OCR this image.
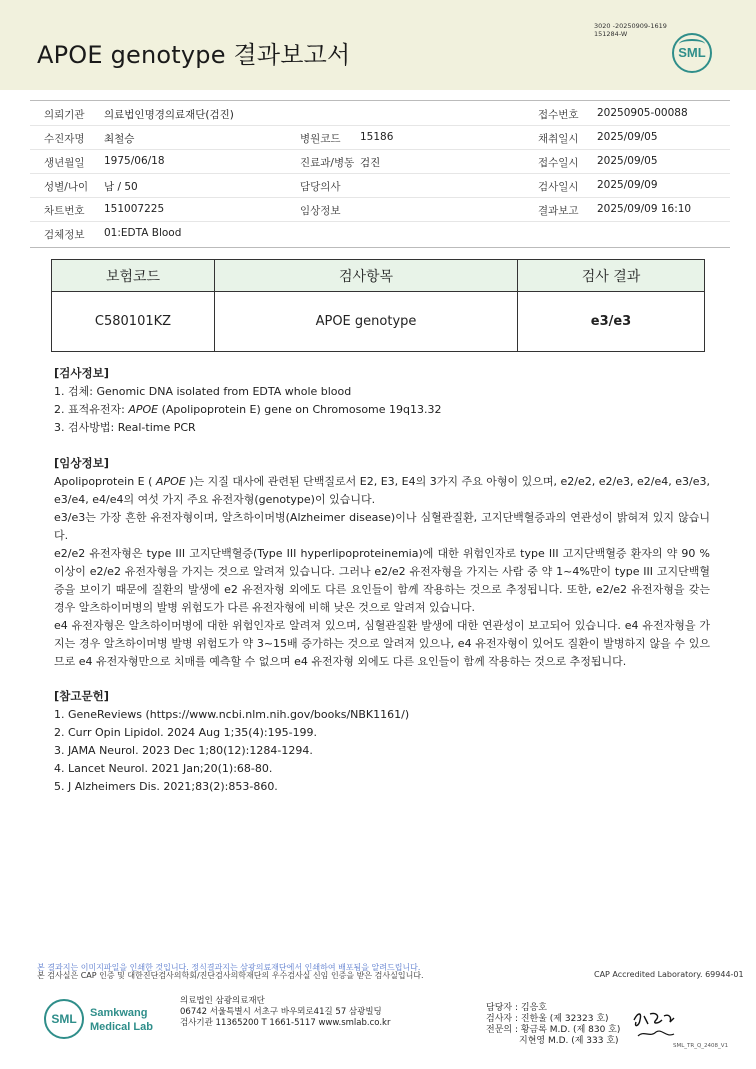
APOE genotype 결과보고서
3020 -20250909-1619
151284-W
SML
의뢰기관 의료법인명경의료재단(검진)	접수번호 20250905-00088
수진자명 최철승	병원코드 15186	채취일시 2025/09/05
생년월일 1975/06/18	진료과/병동 검진	접수일시 2025/09/05
성별/나이 남 / 50	담당의사	검사일시 2025/09/09
차트번호 151007225	임상정보	결과보고 2025/09/09 16:10
검체정보 01:EDTA Blood
보험코드	검사항목	검사 결과
C580101KZ	APOE genotype	e3/e3
[검사정보]

1. 검체: Genomic DNA isolated from EDTA whole blood

2. 표적유전자: APOE (Apolipoprotein E) gene on Chromosome 19q13.32

3. 검사방법: Real-time PCR

[임상정보]

Apolipoprotein E ( APOE )는 지질 대사에 관련된 단백질로서 E2, E3, E4의 3가지 주요 아형이 있으며, e2/e2, e2/e3, e2/e4, e3/e3, e3/e4, e4/e4의 여섯 가지 주요 유전자형(genotype)이 있습니다.

e3/e3는 가장 흔한 유전자형이며, 알츠하이머병(Alzheimer disease)이나 심혈관질환, 고지단백혈증과의 연관성이 밝혀져 있지 않습니다.

e2/e2 유전자형은 type III 고지단백혈증(Type III hyperlipoproteinemia)에 대한 위험인자로 type III 고지단백혈증 환자의 약 90 % 이상이 e2/e2 유전자형을 가지는 것으로 알려져 있습니다. 그러나 e2/e2 유전자형을 가지는 사람 중 약 1~4%만이 type III 고지단백혈증을 보이기 때문에 질환의 발생에 e2 유전자형 외에도 다른 요인들이 함께 작용하는 것으로 추정됩니다. 또한, e2/e2 유전자형을 갖는 경우 알츠하이머병의 발병 위험도가 다른 유전자형에 비해 낮은 것으로 알려져 있습니다.

e4 유전자형은 알츠하이머병에 대한 위험인자로 알려져 있으며, 심혈관질환 발생에 대한 연관성이 보고되어 있습니다. e4 유전자형을 가지는 경우 알츠하이머병 발병 위험도가 약 3~15배 증가하는 것으로 알려져 있으나, e4 유전자형이 있어도 질환이 발병하지 않을 수 있으므로 e4 유전자형만으로 치매를 예측할 수 없으며 e4 유전자형 외에도 다른 요인들이 함께 작용하는 것으로 추정됩니다.

[참고문헌]

1. GeneReviews (https://www.ncbi.nlm.nih.gov/books/NBK1161/)

2. Curr Opin Lipidol. 2024 Aug 1;35(4):195-199.

3. JAMA Neurol. 2023 Dec 1;80(12):1284-1294.

4. Lancet Neurol. 2021 Jan;20(1):68-80.

5. J Alzheimers Dis. 2021;83(2):853-860.

본 결과지는 이미지파일을 인쇄한 것입니다. 정식결과지는 삼광의료재단에서 인쇄하여 배포됨을 알려드립니다.
본 검사실은 CAP 인증 및 대한진단검사의학회/진단검사의학재단의 우수검사실 신임 인증을 받은 검사실입니다.	CAP Accredited Laboratory. 69944-01
SML	Samkwang
Medical Lab
의료법인 삼광의료재단
06742 서울특별시 서초구 바우뫼로41길 57 삼광빌딩
검사기관 11365200 T 1661-5117 www.smlab.co.kr
담당자 : 김응호
검사자 : 진한울 (제 32323 호)
전문의 : 황금록 M.D. (제 830 호)
지현영 M.D. (제 333 호)	SML_TR_Q_2408_V1
